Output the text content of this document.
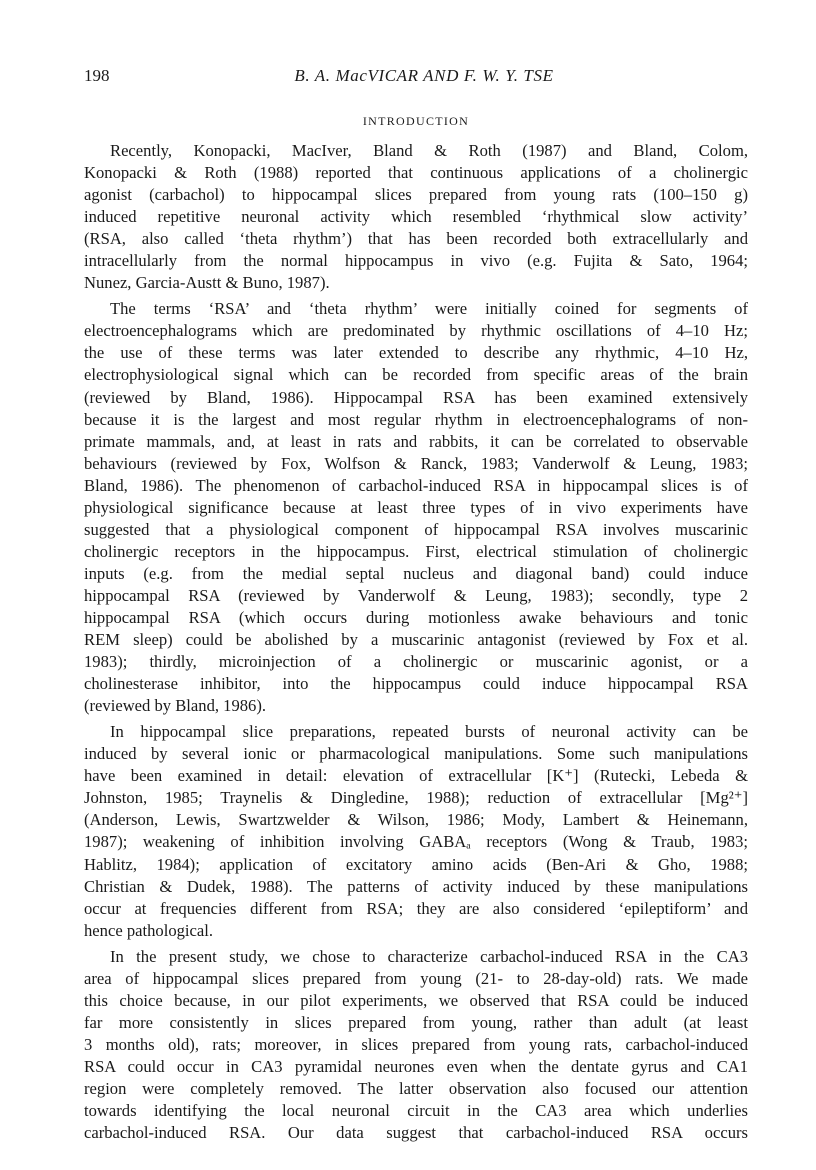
198	B. A. MacVICAR AND F. W. Y. TSE
INTRODUCTION
Recently, Konopacki, MacIver, Bland & Roth (1987) and Bland, Colom,
Konopacki & Roth (1988) reported that continuous applications of a cholinergic
agonist (carbachol) to hippocampal slices prepared from young rats (100–150 g)
induced repetitive neuronal activity which resembled ‘rhythmical slow activity’
(RSA, also called ‘theta rhythm’) that has been recorded both extracellularly and
intracellularly from the normal hippocampus in vivo (e.g. Fujita & Sato, 1964;
Nunez, Garcia-Austt & Buno, 1987).
The terms ‘RSA’ and ‘theta rhythm’ were initially coined for segments of
electroencephalograms which are predominated by rhythmic oscillations of 4–10 Hz;
the use of these terms was later extended to describe any rhythmic, 4–10 Hz,
electrophysiological signal which can be recorded from specific areas of the brain
(reviewed by Bland, 1986). Hippocampal RSA has been examined extensively
because it is the largest and most regular rhythm in electroencephalograms of non-
primate mammals, and, at least in rats and rabbits, it can be correlated to observable
behaviours (reviewed by Fox, Wolfson & Ranck, 1983; Vanderwolf & Leung, 1983;
Bland, 1986). The phenomenon of carbachol-induced RSA in hippocampal slices is of
physiological significance because at least three types of in vivo experiments have
suggested that a physiological component of hippocampal RSA involves muscarinic
cholinergic receptors in the hippocampus. First, electrical stimulation of cholinergic
inputs (e.g. from the medial septal nucleus and diagonal band) could induce
hippocampal RSA (reviewed by Vanderwolf & Leung, 1983); secondly, type 2
hippocampal RSA (which occurs during motionless awake behaviours and tonic
REM sleep) could be abolished by a muscarinic antagonist (reviewed by Fox et al.
1983); thirdly, microinjection of a cholinergic or muscarinic agonist, or a
cholinesterase inhibitor, into the hippocampus could induce hippocampal RSA
(reviewed by Bland, 1986).
In hippocampal slice preparations, repeated bursts of neuronal activity can be
induced by several ionic or pharmacological manipulations. Some such manipulations
have been examined in detail: elevation of extracellular [K⁺] (Rutecki, Lebeda &
Johnston, 1985; Traynelis & Dingledine, 1988); reduction of extracellular [Mg²⁺]
(Anderson, Lewis, Swartzwelder & Wilson, 1986; Mody, Lambert & Heinemann,
1987); weakening of inhibition involving GABAₐ receptors (Wong & Traub, 1983;
Hablitz, 1984); application of excitatory amino acids (Ben-Ari & Gho, 1988;
Christian & Dudek, 1988). The patterns of activity induced by these manipulations
occur at frequencies different from RSA; they are also considered ‘epileptiform’ and
hence pathological.
In the present study, we chose to characterize carbachol-induced RSA in the CA3
area of hippocampal slices prepared from young (21- to 28-day-old) rats. We made
this choice because, in our pilot experiments, we observed that RSA could be induced
far more consistently in slices prepared from young, rather than adult (at least
3 months old), rats; moreover, in slices prepared from young rats, carbachol-induced
RSA could occur in CA3 pyramidal neurones even when the dentate gyrus and CA1
region were completely removed. The latter observation also focused our attention
towards identifying the local neuronal circuit in the CA3 area which underlies
carbachol-induced RSA. Our data suggest that carbachol-induced RSA occurs
